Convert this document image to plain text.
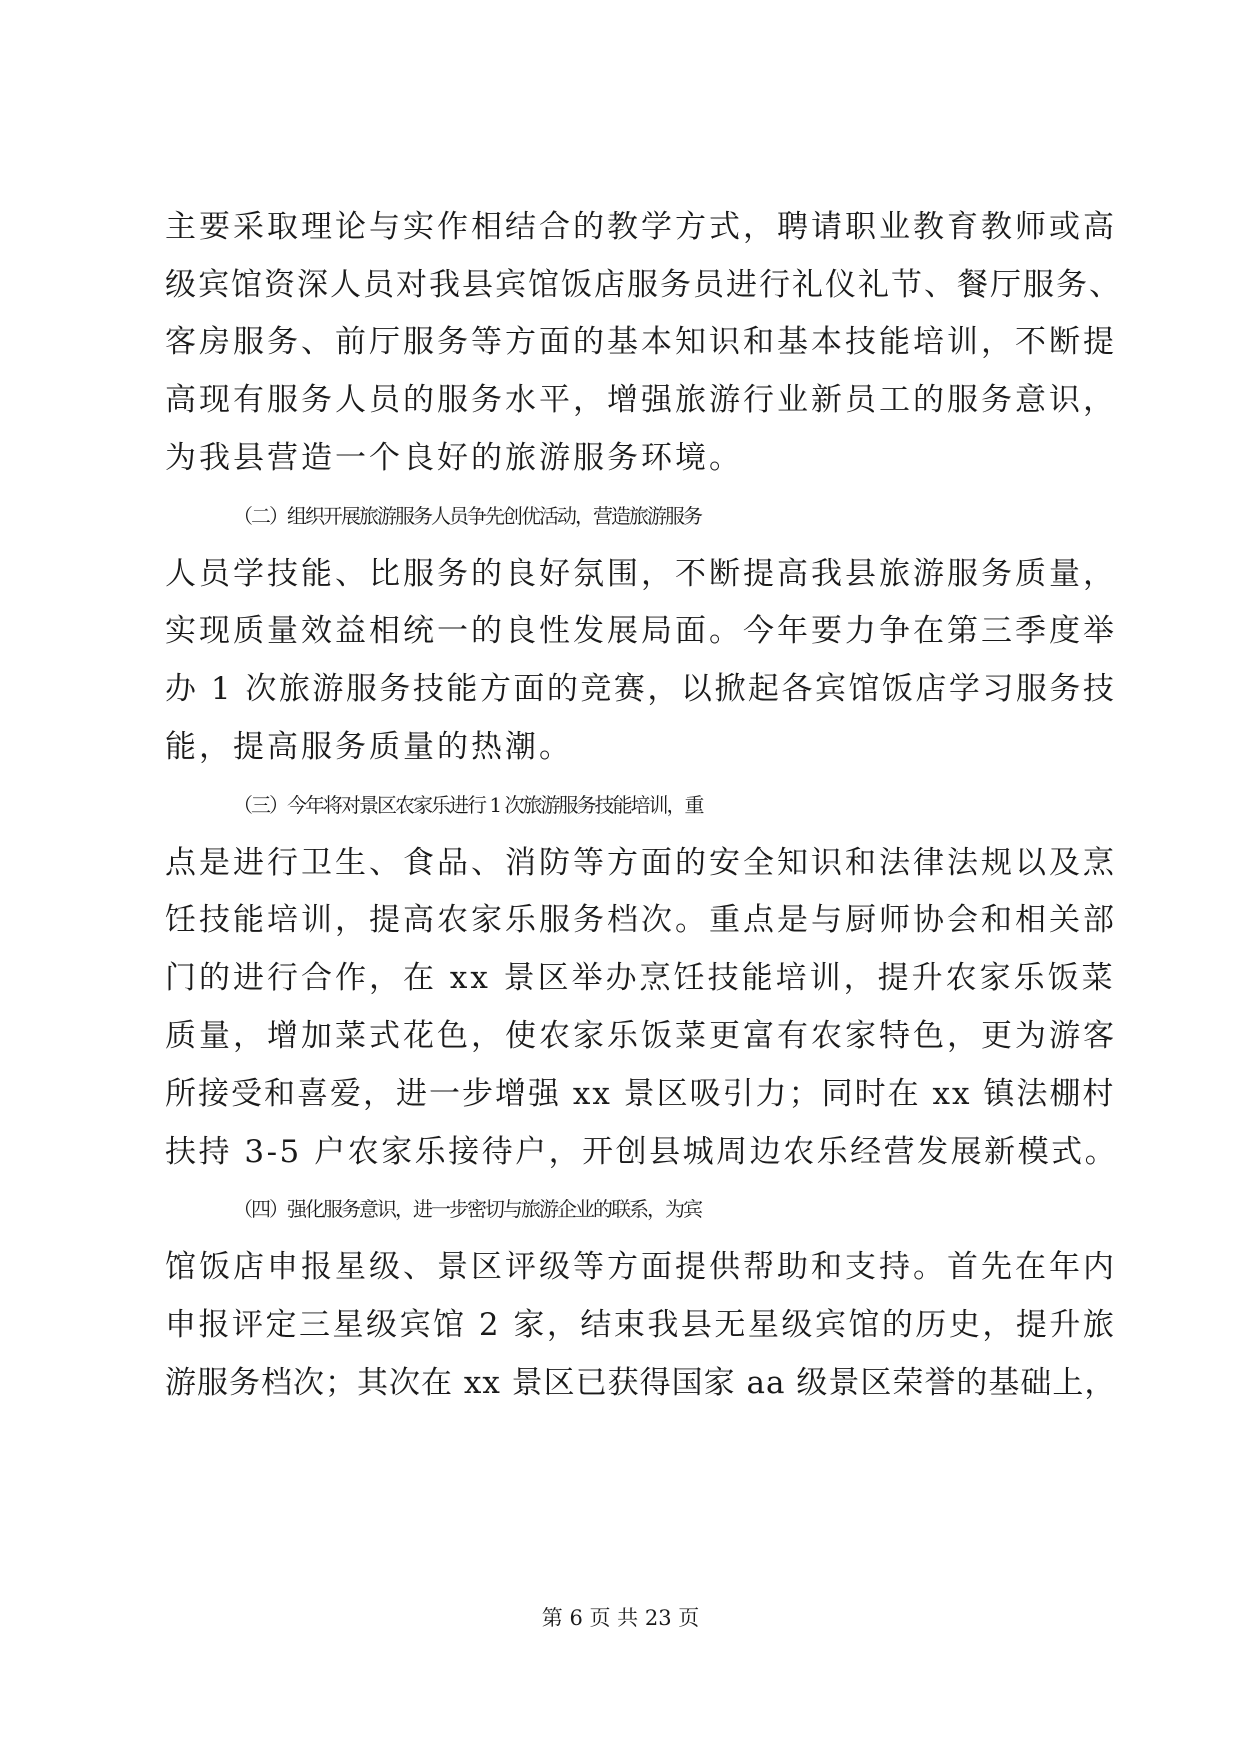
主要采取理论与实作相结合的教学方式，聘请职业教育教师或高
级宾馆资深人员对我县宾馆饭店服务员进行礼仪礼节、餐厅服务、
客房服务、前厅服务等方面的基本知识和基本技能培训，不断提
高现有服务人员的服务水平，增强旅游行业新员工的服务意识，
为我县营造一个良好的旅游服务环境。
（二）组织开展旅游服务人员争先创优活动，营造旅游服务
人员学技能、比服务的良好氛围，不断提高我县旅游服务质量，
实现质量效益相统一的良性发展局面。今年要力争在第三季度举
办 1 次旅游服务技能方面的竞赛，以掀起各宾馆饭店学习服务技
能，提高服务质量的热潮。
（三）今年将对景区农家乐进行 1 次旅游服务技能培训，重
点是进行卫生、食品、消防等方面的安全知识和法律法规以及烹
饪技能培训，提高农家乐服务档次。重点是与厨师协会和相关部
门的进行合作，在 xx 景区举办烹饪技能培训，提升农家乐饭菜
质量，增加菜式花色，使农家乐饭菜更富有农家特色，更为游客
所接受和喜爱，进一步增强 xx 景区吸引力；同时在 xx 镇法棚村
扶持 3-5 户农家乐接待户，开创县城周边农乐经营发展新模式。
（四）强化服务意识，进一步密切与旅游企业的联系，为宾
馆饭店申报星级、景区评级等方面提供帮助和支持。首先在年内
申报评定三星级宾馆 2 家，结束我县无星级宾馆的历史，提升旅
游服务档次；其次在 xx 景区已获得国家 aa 级景区荣誉的基础上，
第 6 页 共 23 页
